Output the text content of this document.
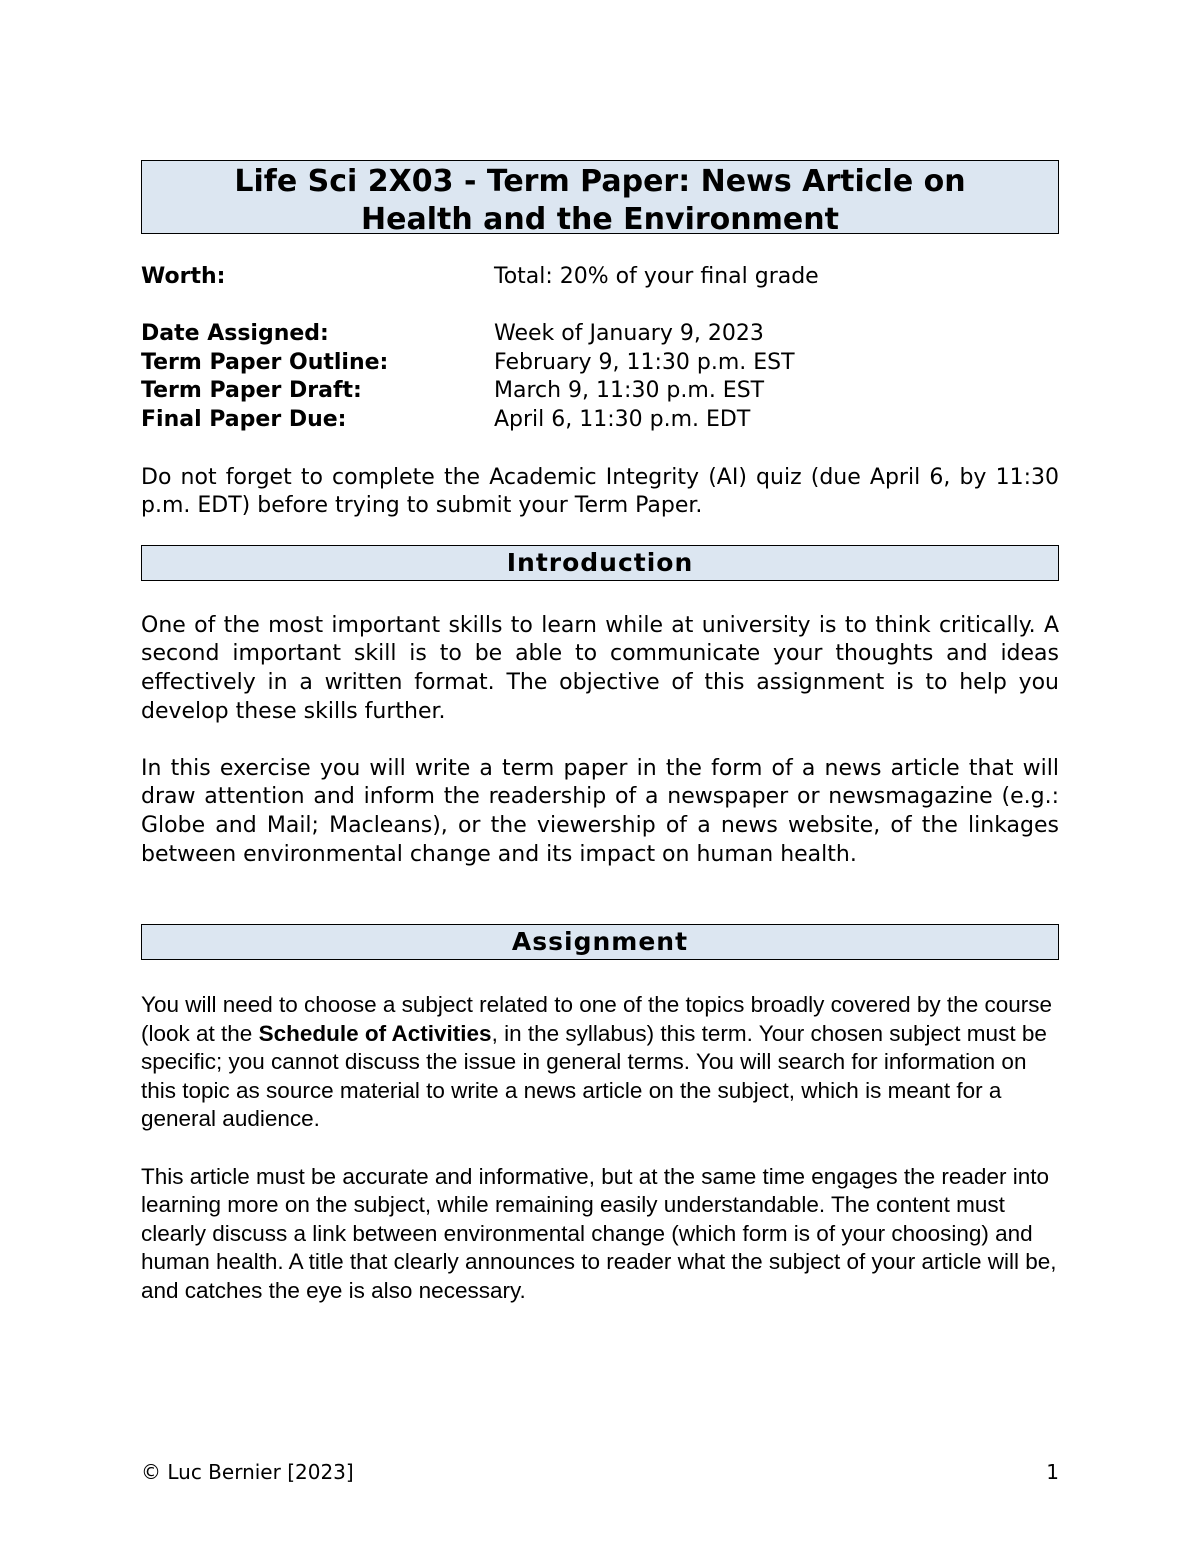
Life Sci 2X03 - Term Paper: News Article on
Health and the Environment
Worth:	Total: 20% of your final grade
Date Assigned:	Week of January 9, 2023
Term Paper Outline:	February 9, 11:30 p.m. EST
Term Paper Draft:	March 9, 11:30 p.m. EST
Final Paper Due:	April 6, 11:30 p.m. EDT

Do not forget to complete the Academic Integrity (AI) quiz (due April 6, by 11:30 p.m. EDT) before trying to submit your Term Paper.

Introduction

One of the most important skills to learn while at university is to think critically. A second important skill is to be able to communicate your thoughts and ideas effectively in a written format. The objective of this assignment is to help you develop these skills further.

In this exercise you will write a term paper in the form of a news article that will draw attention and inform the readership of a newspaper or newsmagazine (e.g.: Globe and Mail; Macleans), or the viewership of a news website, of the linkages between environmental change and its impact on human health.

Assignment

You will need to choose a subject related to one of the topics broadly covered by the course (look at the Schedule of Activities, in the syllabus) this term. Your chosen subject must be specific; you cannot discuss the issue in general terms. You will search for information on this topic as source material to write a news article on the subject, which is meant for a general audience.

This article must be accurate and informative, but at the same time engages the reader into learning more on the subject, while remaining easily understandable. The content must clearly discuss a link between environmental change (which form is of your choosing) and human health. A title that clearly announces to reader what the subject of your article will be, and catches the eye is also necessary.

© Luc Bernier [2023]	1
